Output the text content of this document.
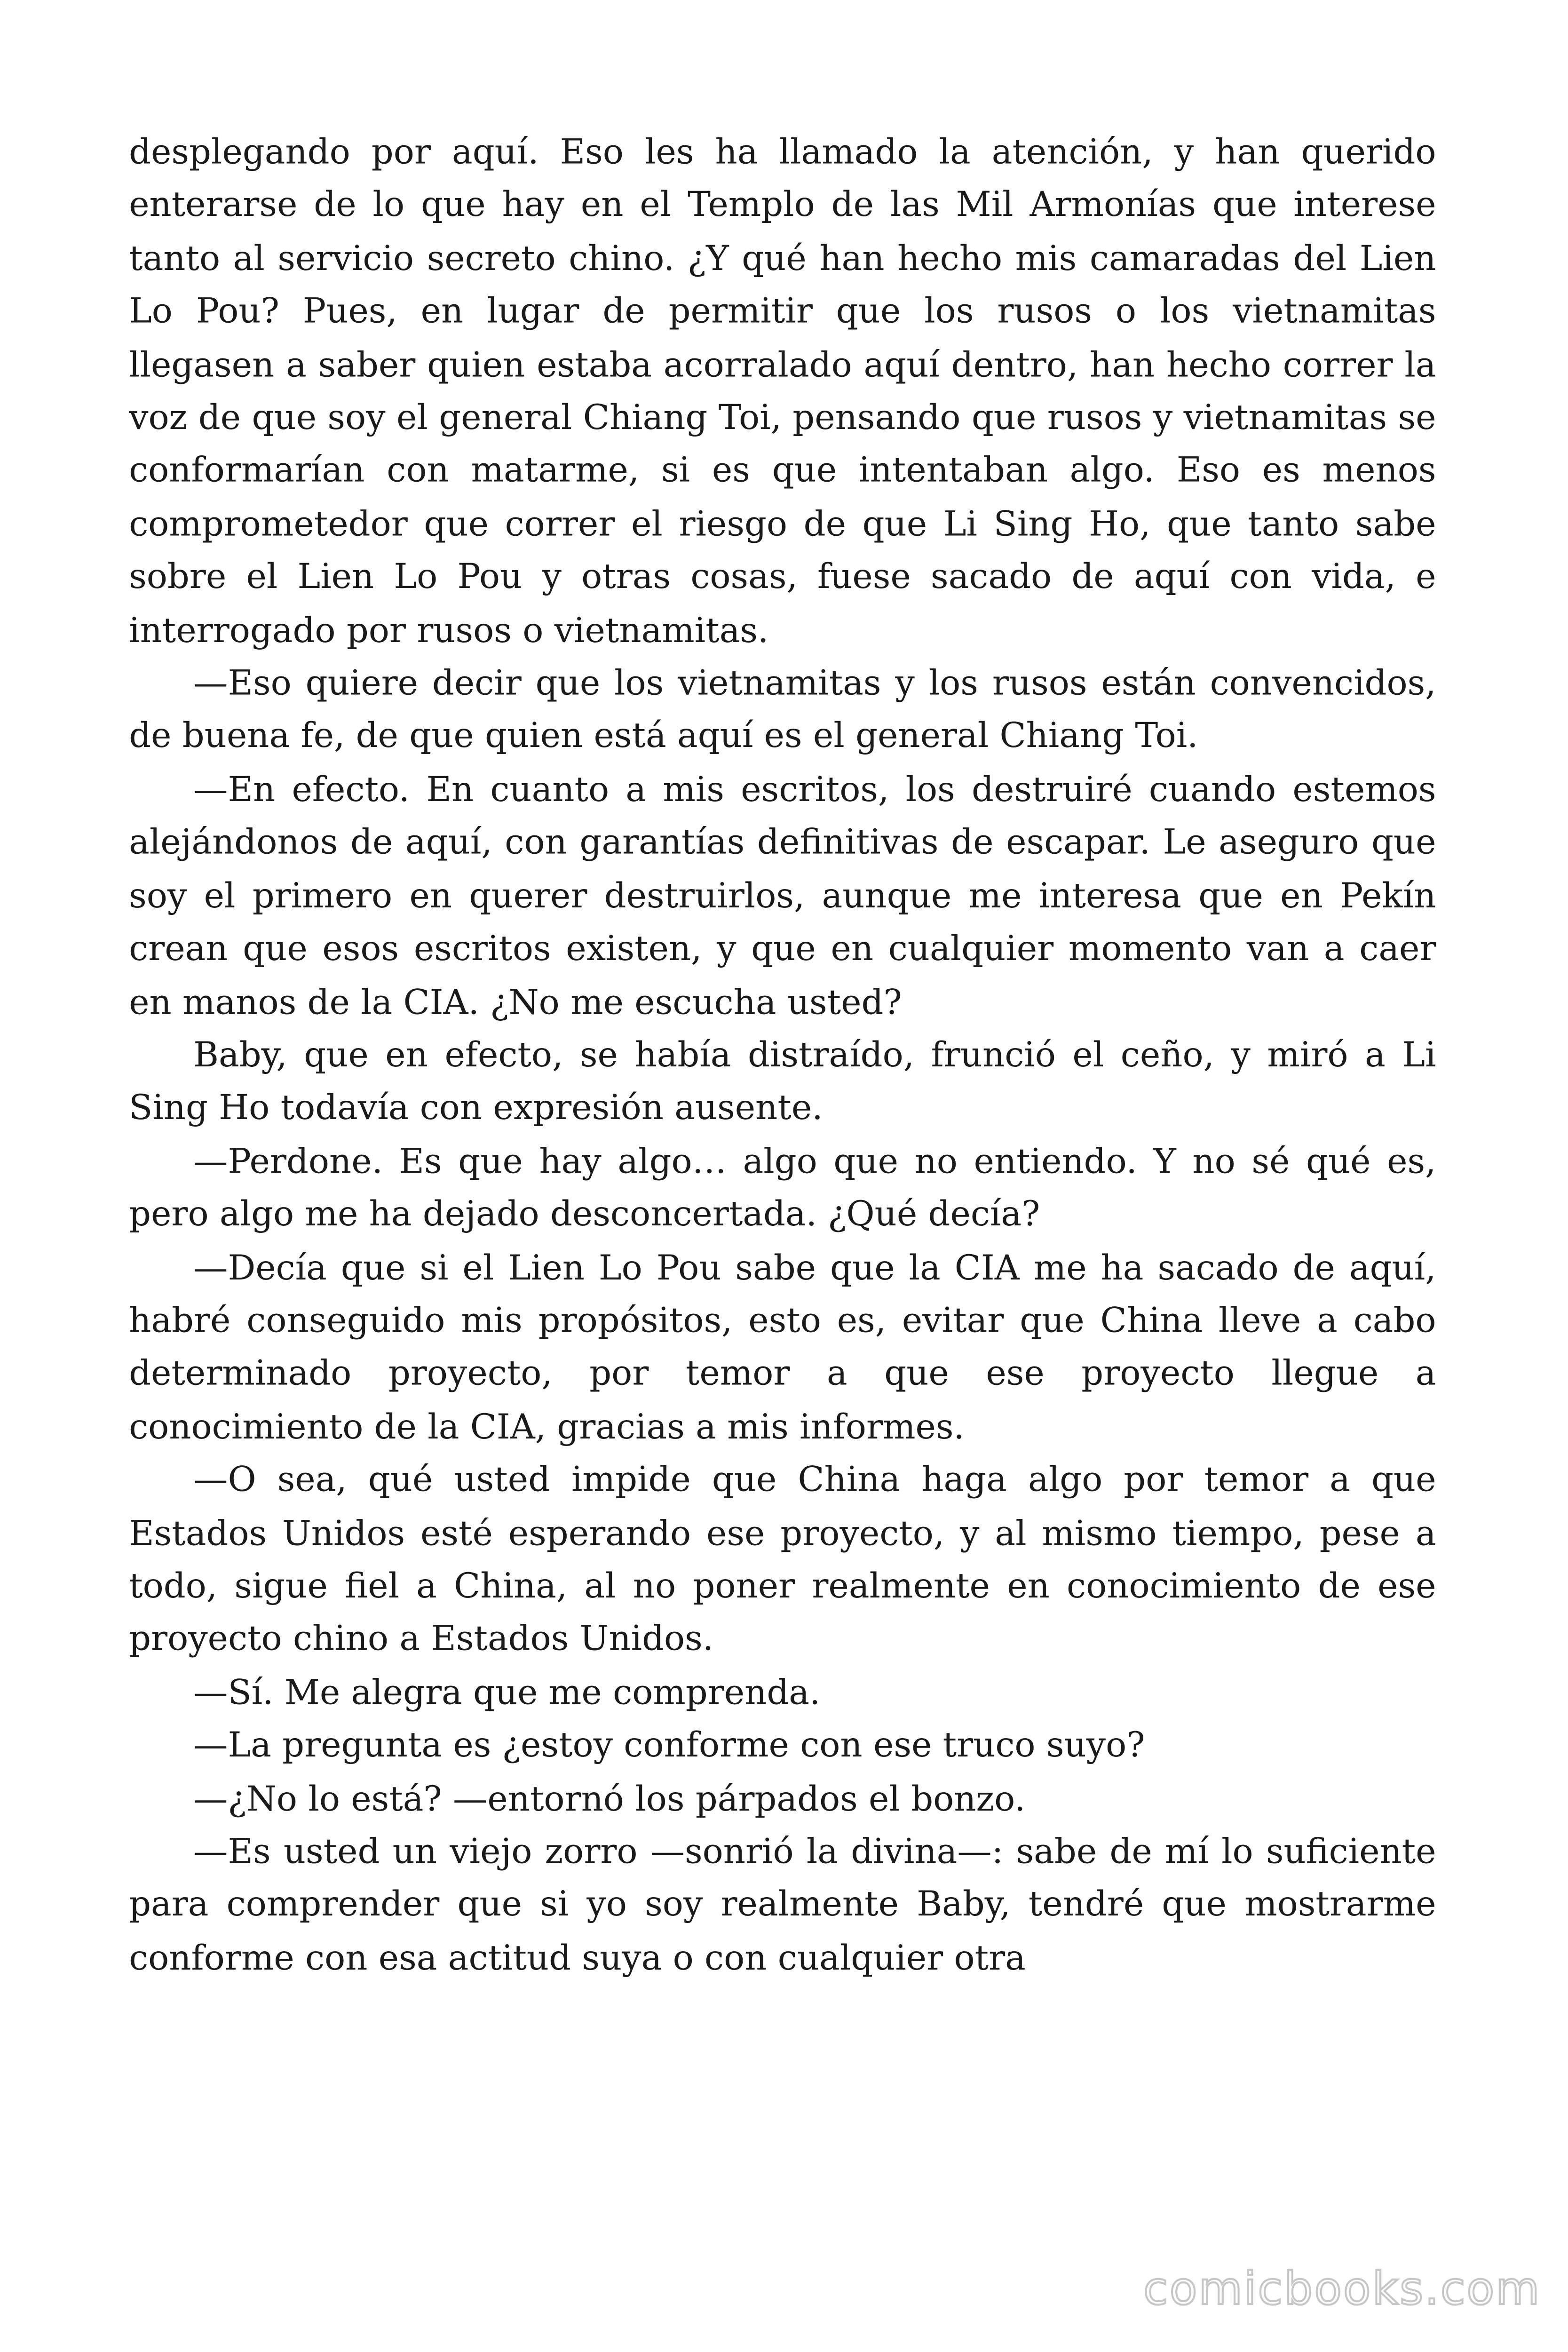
desplegando por aquí. Eso les ha llamado la atención, y han querido enterarse de lo que hay en el Templo de las Mil Armonías que interese tanto al servicio secreto chino. ¿Y qué han hecho mis camaradas del Lien Lo Pou? Pues, en lugar de permitir que los rusos o los vietnamitas llegasen a saber quien estaba acorralado aquí dentro, han hecho correr la voz de que soy el general Chiang Toi, pensando que rusos y vietnamitas se conformarían con matarme, si es que intentaban algo. Eso es menos comprometedor que correr el riesgo de que Li Sing Ho, que tanto sabe sobre el Lien Lo Pou y otras cosas, fuese sacado de aquí con vida, e interrogado por rusos o vietnamitas.

—Eso quiere decir que los vietnamitas y los rusos están convencidos, de buena fe, de que quien está aquí es el general Chiang Toi.

—En efecto. En cuanto a mis escritos, los destruiré cuando estemos alejándonos de aquí, con garantías definitivas de escapar. Le aseguro que soy el primero en querer destruirlos, aunque me interesa que en Pekín crean que esos escritos existen, y que en cualquier momento van a caer en manos de la CIA. ¿No me escucha usted?

Baby, que en efecto, se había distraído, frunció el ceño, y miró a Li Sing Ho todavía con expresión ausente.

—Perdone. Es que hay algo… algo que no entiendo. Y no sé qué es, pero algo me ha dejado desconcertada. ¿Qué decía?

—Decía que si el Lien Lo Pou sabe que la CIA me ha sacado de aquí, habré conseguido mis propósitos, esto es, evitar que China lleve a cabo determinado proyecto, por temor a que ese proyecto llegue a conocimiento de la CIA, gracias a mis informes.

—O sea, qué usted impide que China haga algo por temor a que Estados Unidos esté esperando ese proyecto, y al mismo tiempo, pese a todo, sigue fiel a China, al no poner realmente en conocimiento de ese proyecto chino a Estados Unidos.

—Sí. Me alegra que me comprenda.

—La pregunta es ¿estoy conforme con ese truco suyo?

—¿No lo está? —entornó los párpados el bonzo.

—Es usted un viejo zorro —sonrió la divina—: sabe de mí lo suficiente para comprender que si yo soy realmente Baby, tendré que mostrarme conforme con esa actitud suya o con cualquier otra

comicbooks.com
